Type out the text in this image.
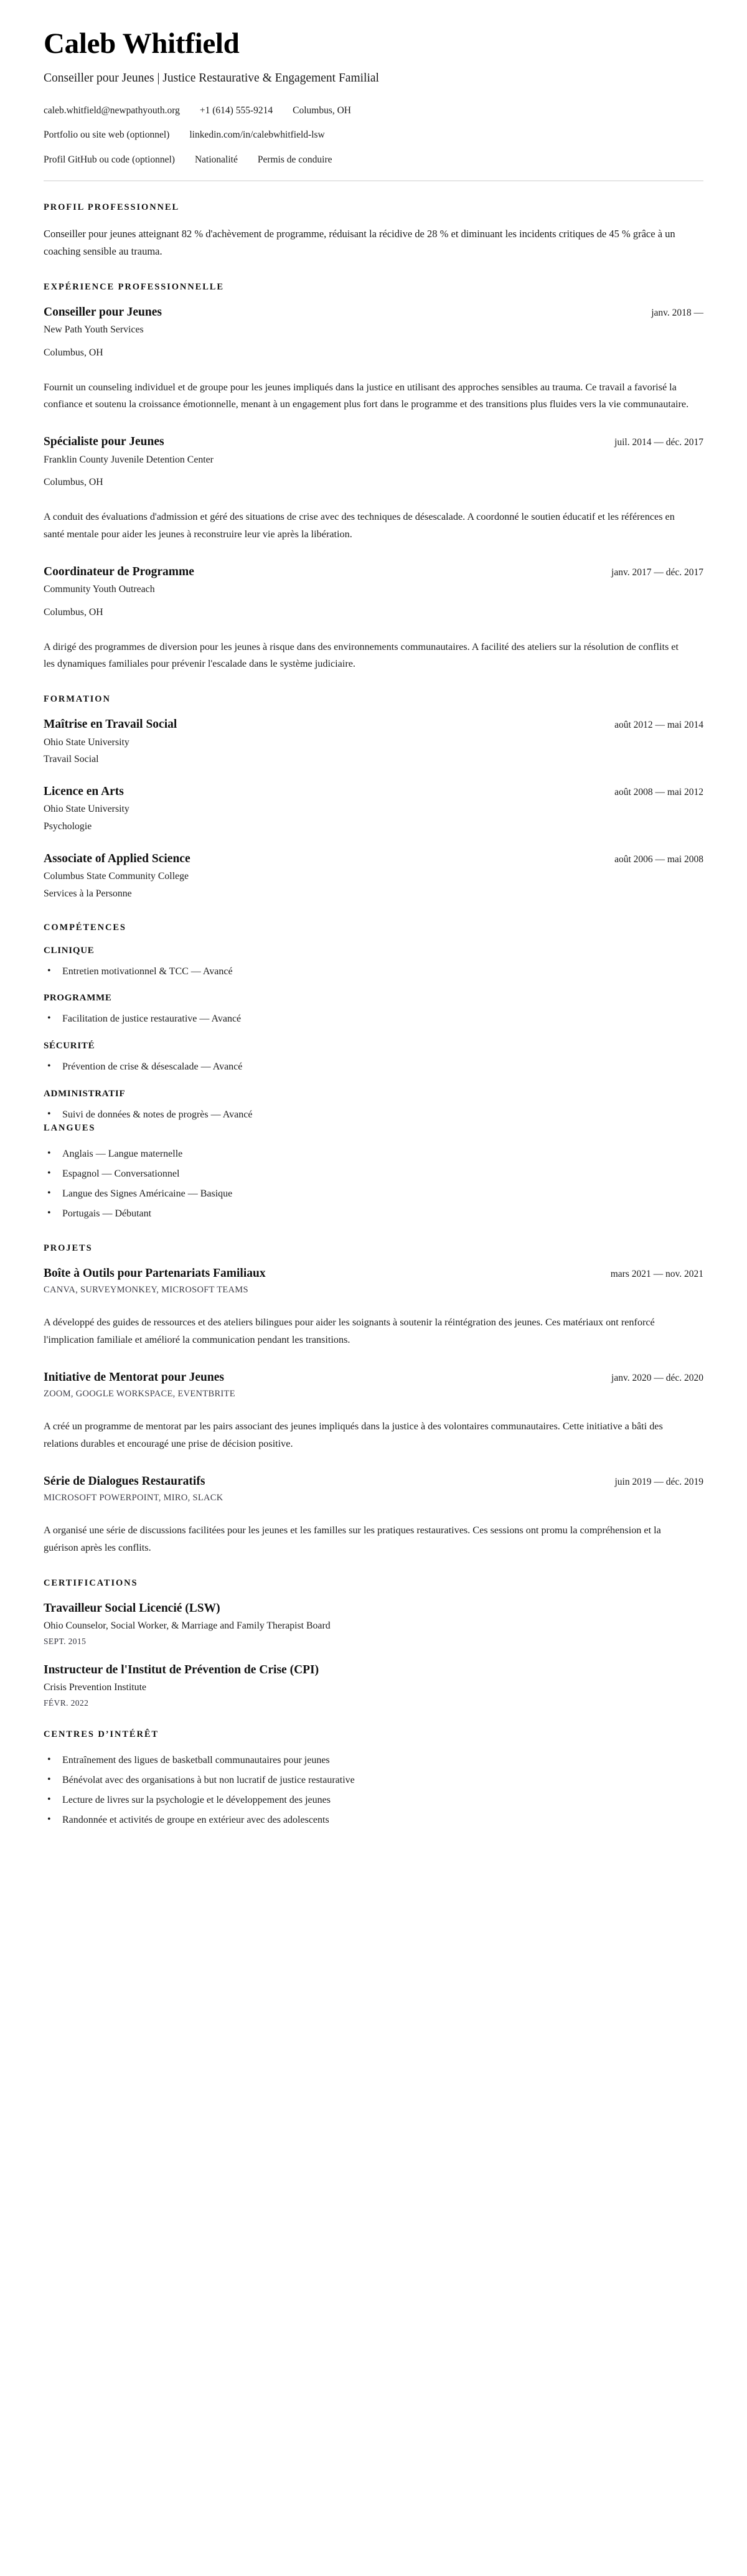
Caleb Whitfield

Conseiller pour Jeunes | Justice Restaurative & Engagement Familial

caleb.whitfield@newpathyouth.org +1 (614) 555-9214 Columbus, OH
Portfolio ou site web (optionnel) linkedin.com/in/calebwhitfield-lsw
Profil GitHub ou code (optionnel) Nationalité Permis de conduire
PROFIL PROFESSIONNEL

Conseiller pour jeunes atteignant 82 % d'achèvement de programme, réduisant la récidive de 28 % et diminuant les incidents critiques de 45 % grâce à un coaching sensible au trauma.

EXPÉRIENCE PROFESSIONNELLE
Conseiller pour Jeunes	janv. 2018 —

New Path Youth Services

Columbus, OH

Fournit un counseling individuel et de groupe pour les jeunes impliqués dans la justice en utilisant des approches sensibles au trauma. Ce travail a favorisé la confiance et soutenu la croissance émotionnelle, menant à un engagement plus fort dans le programme et des transitions plus fluides vers la vie communautaire.

Spécialiste pour Jeunes	juil. 2014 — déc. 2017

Franklin County Juvenile Detention Center

Columbus, OH

A conduit des évaluations d'admission et géré des situations de crise avec des techniques de désescalade. A coordonné le soutien éducatif et les références en santé mentale pour aider les jeunes à reconstruire leur vie après la libération.

Coordinateur de Programme	janv. 2017 — déc. 2017

Community Youth Outreach

Columbus, OH

A dirigé des programmes de diversion pour les jeunes à risque dans des environnements communautaires. A facilité des ateliers sur la résolution de conflits et les dynamiques familiales pour prévenir l'escalade dans le système judiciaire.

FORMATION
Maîtrise en Travail Social	août 2012 — mai 2014

Ohio State University

Travail Social

Licence en Arts	août 2008 — mai 2012

Ohio State University

Psychologie

Associate of Applied Science	août 2006 — mai 2008

Columbus State Community College

Services à la Personne

COMPÉTENCES
CLINIQUE
• Entretien motivationnel & TCC — Avancé
PROGRAMME
• Facilitation de justice restaurative — Avancé
SÉCURITÉ
• Prévention de crise & désescalade — Avancé
ADMINISTRATIF
• Suivi de données & notes de progrès — Avancé
LANGUES
• Anglais — Langue maternelle
• Espagnol — Conversationnel
• Langue des Signes Américaine — Basique
• Portugais — Débutant
PROJETS
Boîte à Outils pour Partenariats Familiaux	mars 2021 — nov. 2021

CANVA, SURVEYMONKEY, MICROSOFT TEAMS

A développé des guides de ressources et des ateliers bilingues pour aider les soignants à soutenir la réintégration des jeunes. Ces matériaux ont renforcé l'implication familiale et amélioré la communication pendant les transitions.

Initiative de Mentorat pour Jeunes	janv. 2020 — déc. 2020

ZOOM, GOOGLE WORKSPACE, EVENTBRITE

A créé un programme de mentorat par les pairs associant des jeunes impliqués dans la justice à des volontaires communautaires. Cette initiative a bâti des relations durables et encouragé une prise de décision positive.

Série de Dialogues Restauratifs	juin 2019 — déc. 2019

MICROSOFT POWERPOINT, MIRO, SLACK

A organisé une série de discussions facilitées pour les jeunes et les familles sur les pratiques restauratives. Ces sessions ont promu la compréhension et la guérison après les conflits.

CERTIFICATIONS
Travailleur Social Licencié (LSW)

Ohio Counselor, Social Worker, & Marriage and Family Therapist Board

SEPT. 2015

Instructeur de l'Institut de Prévention de Crise (CPI)

Crisis Prevention Institute

FÉVR. 2022

CENTRES D’INTÉRÊT
• Entraînement des ligues de basketball communautaires pour jeunes
• Bénévolat avec des organisations à but non lucratif de justice restaurative
• Lecture de livres sur la psychologie et le développement des jeunes
• Randonnée et activités de groupe en extérieur avec des adolescents
